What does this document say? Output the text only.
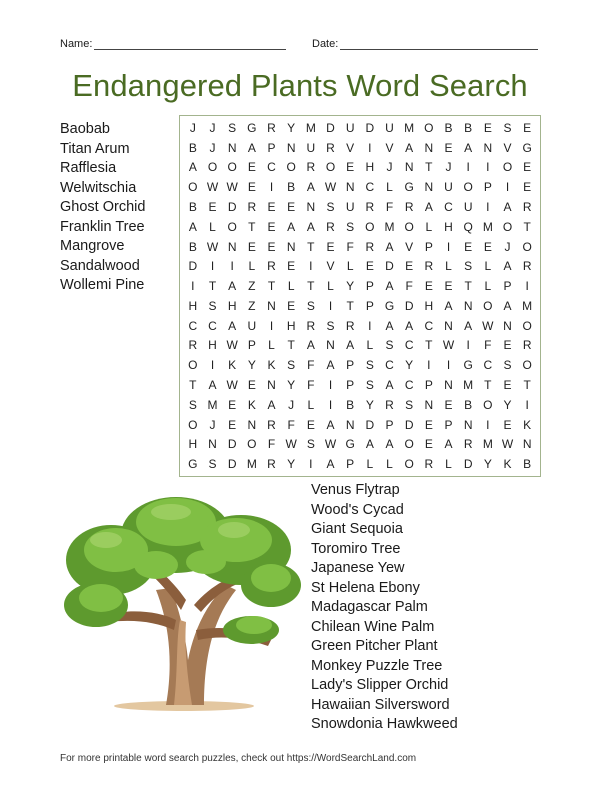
Name:	Date:
Endangered Plants Word Search
Baobab
Titan Arum
Rafflesia
Welwitschia
Ghost Orchid
Franklin Tree
Mangrove
Sandalwood
Wollemi Pine
J	J	S G R Y M D U D U M O B B E S E
B	J	N A P N U R V	I	V A N E A N V G
A O O E C O R O E H	J	N T	J	I	I	O E
O W W E	I	B A W N C L G N U O P	I	E
B E D R E E N S U R F R A C U	I	A R
A	L O T	E A A R S O M O L	H Q M O T
B W N E E N T	E F R A V P	I	E E	J	O
D	I	I	L	R E	I	V	L	E D E R L	S	L	A R
I	T A Z	T	L	T	L	Y P A F E E T	L	P	I
H S H Z N E S	I	T P G D H A N O A M
C C A U	I	H R S R	I	A A C N A W N O
R H W P	L	T A N A	L	S C T W	I	F	E R
O	I	K Y K S F	A P S C Y	I	I	G C S O
T A W E N Y F	I	P S A C P N M T	E T
S M E K A	J	L	I	B Y R S N E B O Y	I
O J	E N R F E A N D P D E P N	I	E K
H N D O F W S W G A A O E A R M W N
G S D M R Y	I	A P	L	L O R L D Y K B
Venus Flytrap
Wood's Cycad
Giant Sequoia
Toromiro Tree
Japanese Yew
St Helena Ebony
Madagascar Palm
Chilean Wine Palm
Green Pitcher Plant
Monkey Puzzle Tree
Lady's Slipper Orchid
Hawaiian Silversword
Snowdonia Hawkweed
For more printable word search puzzles, check out https://WordSearchLand.com
